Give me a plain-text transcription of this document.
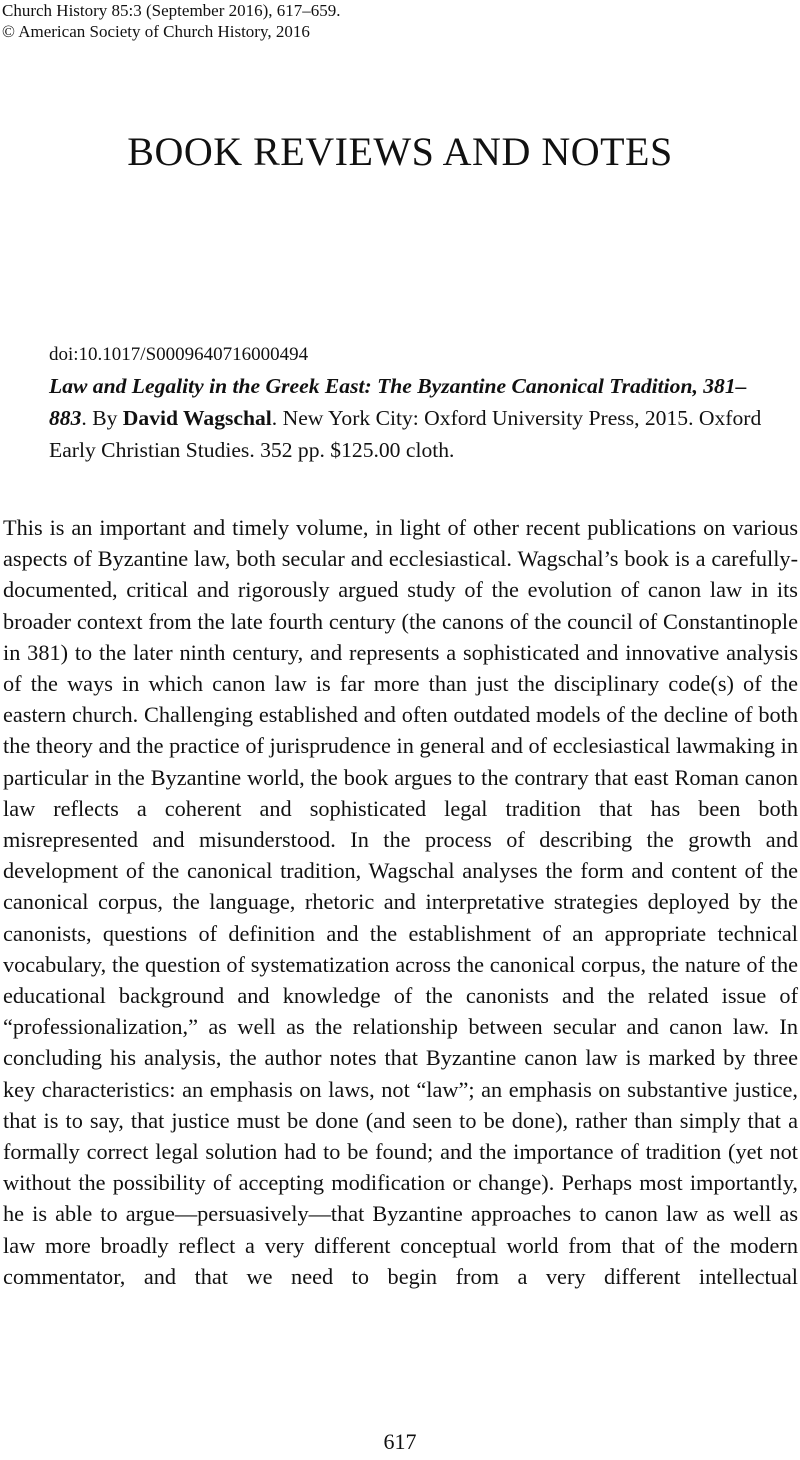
Church History 85:3 (September 2016), 617–659.
© American Society of Church History, 2016
BOOK REVIEWS AND NOTES
doi:10.1017/S0009640716000494
Law and Legality in the Greek East: The Byzantine Canonical Tradition, 381–883. By David Wagschal. New York City: Oxford University Press, 2015. Oxford Early Christian Studies. 352 pp. $125.00 cloth.
This is an important and timely volume, in light of other recent publications on various aspects of Byzantine law, both secular and ecclesiastical. Wagschal’s book is a carefully-documented, critical and rigorously argued study of the evolution of canon law in its broader context from the late fourth century (the canons of the council of Constantinople in 381) to the later ninth century, and represents a sophisticated and innovative analysis of the ways in which canon law is far more than just the disciplinary code(s) of the eastern church. Challenging established and often outdated models of the decline of both the theory and the practice of jurisprudence in general and of ecclesiastical lawmaking in particular in the Byzantine world, the book argues to the contrary that east Roman canon law reflects a coherent and sophisticated legal tradition that has been both misrepresented and misunderstood. In the process of describing the growth and development of the canonical tradition, Wagschal analyses the form and content of the canonical corpus, the language, rhetoric and interpretative strategies deployed by the canonists, questions of definition and the establishment of an appropriate technical vocabulary, the question of systematization across the canonical corpus, the nature of the educational background and knowledge of the canonists and the related issue of “professionalization,” as well as the relationship between secular and canon law. In concluding his analysis, the author notes that Byzantine canon law is marked by three key characteristics: an emphasis on laws, not “law”; an emphasis on substantive justice, that is to say, that justice must be done (and seen to be done), rather than simply that a formally correct legal solution had to be found; and the importance of tradition (yet not without the possibility of accepting modification or change). Perhaps most importantly, he is able to argue—persuasively—that Byzantine approaches to canon law as well as law more broadly reflect a very different conceptual world from that of the modern commentator, and that we need to begin from a very different intellectual
617
